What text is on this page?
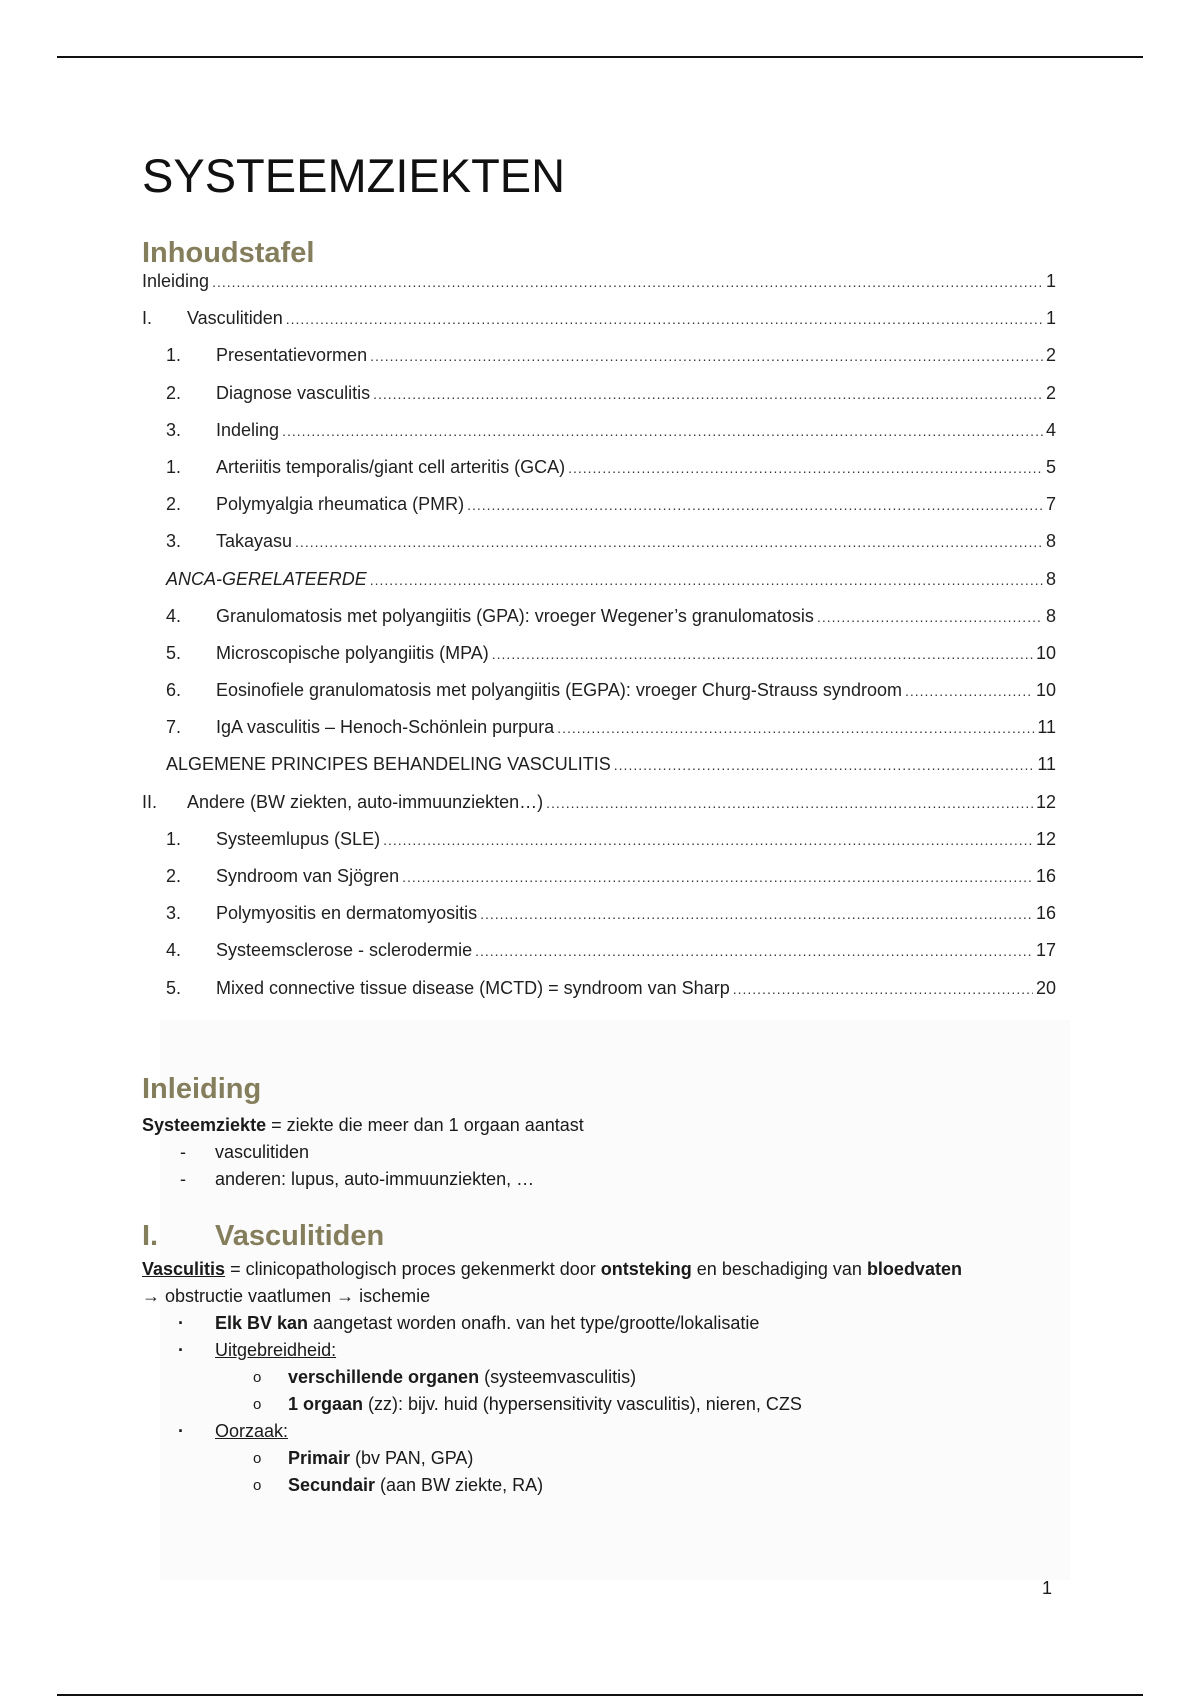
SYSTEEMZIEKTEN
Inhoudstafel
Inleiding .....	1
I.	Vasculitiden .....	1
1.	Presentatievormen .....	2
2.	Diagnose vasculitis .....	2
3.	Indeling .....	4
1.	Arteriitis temporalis/giant cell arteritis (GCA) .....	5
2.	Polymyalgia rheumatica (PMR) .....	7
3.	Takayasu .....	8
ANCA-GERELATEERDE .....	8
4.	Granulomatosis met polyangiitis (GPA): vroeger Wegener’s granulomatosis .....	8
5.	Microscopische polyangiitis (MPA) .....	10
6.	Eosinofiele granulomatosis met polyangiitis (EGPA): vroeger Churg-Strauss syndroom .....	10
7.	IgA vasculitis – Henoch-Schönlein purpura .....	11
ALGEMENE PRINCIPES BEHANDELING VASCULITIS .....	11
II.	Andere (BW ziekten, auto-immuunziekten…) .....	12
1.	Systeemlupus (SLE) .....	12
2.	Syndroom van Sjögren .....	16
3.	Polymyositis en dermatomyositis .....	16
4.	Systeemsclerose - sclerodermie .....	17
5.	Mixed connective tissue disease (MCTD) = syndroom van Sharp .....	20
Inleiding

Systeemziekte = ziekte die meer dan 1 orgaan aantast

- vasculitiden
- anderen: lupus, auto-immuunziekten, …
I.	Vasculitiden

Vasculitis = clinicopathologisch proces gekenmerkt door ontsteking en beschadiging van bloedvaten

→ obstructie vaatlumen → ischemie

· Elk BV kan aangetast worden onafh. van het type/grootte/lokalisatie
· Uitgebreidheid:
o verschillende organen (systeemvasculitis)
o 1 orgaan (zz): bijv. huid (hypersensitivity vasculitis), nieren, CZS
· Oorzaak:
o Primair (bv PAN, GPA)
o Secundair (aan BW ziekte, RA)
1
